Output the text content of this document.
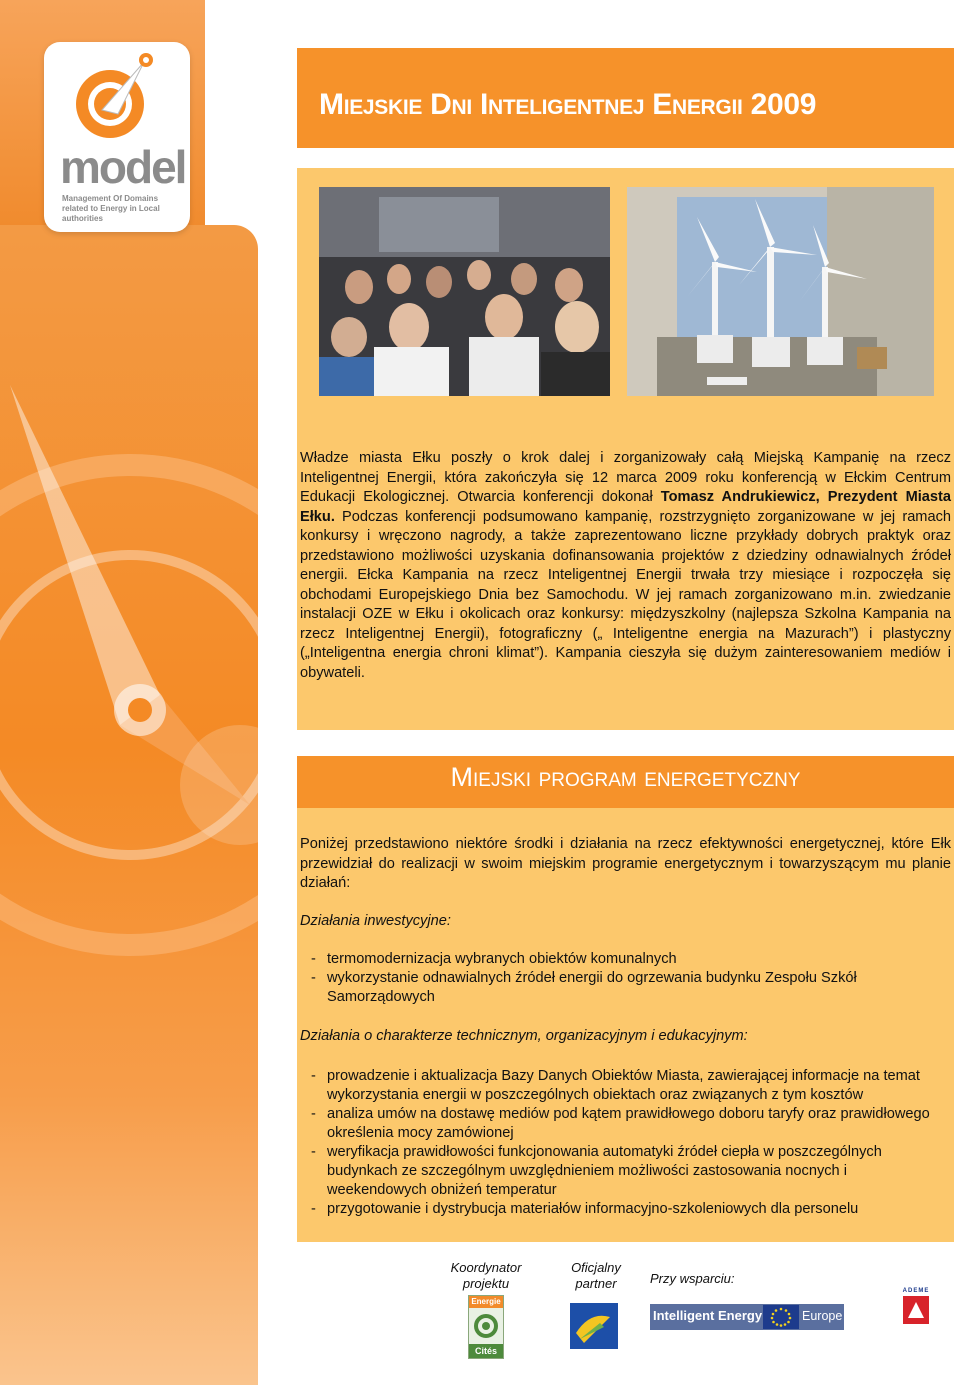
model
Management Of Domains related to Energy in Local authorities
Miejskie Dni Inteligentnej Energii 2009
Władze miasta Ełku poszły o krok dalej i zorganizowały całą Miejską Kampanię na rzecz Inteligentnej Energii, która zakończyła się 12 marca 2009 roku konferencją w Ełckim Centrum Edukacji Ekologicznej. Otwarcia konferencji dokonał Tomasz Andrukiewicz, Prezydent Miasta Ełku. Podczas konferencji podsumowano kampanię, rozstrzygnięto zorganizowane w jej ramach konkursy i wręczono nagrody, a także zaprezentowano liczne przykłady dobrych praktyk oraz przedstawiono możliwości uzyskania dofinansowania projektów z dziedziny odnawialnych źródeł energii. Ełcka Kampania na rzecz Inteligentnej Energii trwała trzy miesiące i rozpoczęła się obchodami Europejskiego Dnia bez Samochodu. W jej ramach zorganizowano m.in. zwiedzanie instalacji OZE w Ełku i okolicach oraz konkursy: międzyszkolny (najlepsza Szkolna Kampania na rzecz Inteligentnej Energii), fotograficzny („ Inteligentne energia na Mazurach”) i plastyczny („Inteligentna energia chroni klimat”). Kampania cieszyła się dużym zainteresowaniem mediów i obywateli.
Miejski program energetyczny
Poniżej przedstawiono niektóre środki i działania na rzecz efektywności energetycznej, które Ełk przewidział do realizacji w swoim miejskim programie energetycznym i towarzyszącym mu planie działań:
Działania inwestycyjne:
- termomodernizacja wybranych obiektów komunalnych
- wykorzystanie odnawialnych źródeł energii do ogrzewania budynku Zespołu Szkół Samorządowych
Działania o charakterze technicznym, organizacyjnym i edukacyjnym:
- prowadzenie i aktualizacja Bazy Danych Obiektów Miasta, zawierającej informacje na temat wykorzystania energii w poszczególnych obiektach oraz związanych z tym kosztów
- analiza umów na dostawę mediów pod kątem prawidłowego doboru taryfy oraz prawidłowego określenia mocy zamówionej
- weryfikacja prawidłowości funkcjonowania automatyki źródeł ciepła w poszczególnych budynkach ze szczególnym uwzględnieniem możliwości zastosowania nocnych i weekendowych obniżeń temperatur
- przygotowanie i dystrybucja materiałów informacyjno-szkoleniowych dla personelu
Koordynator
projektu
Oficjalny
partner	Przy wsparciu:
Energie
Cités
Intelligent Energy	Europe
ADEME
